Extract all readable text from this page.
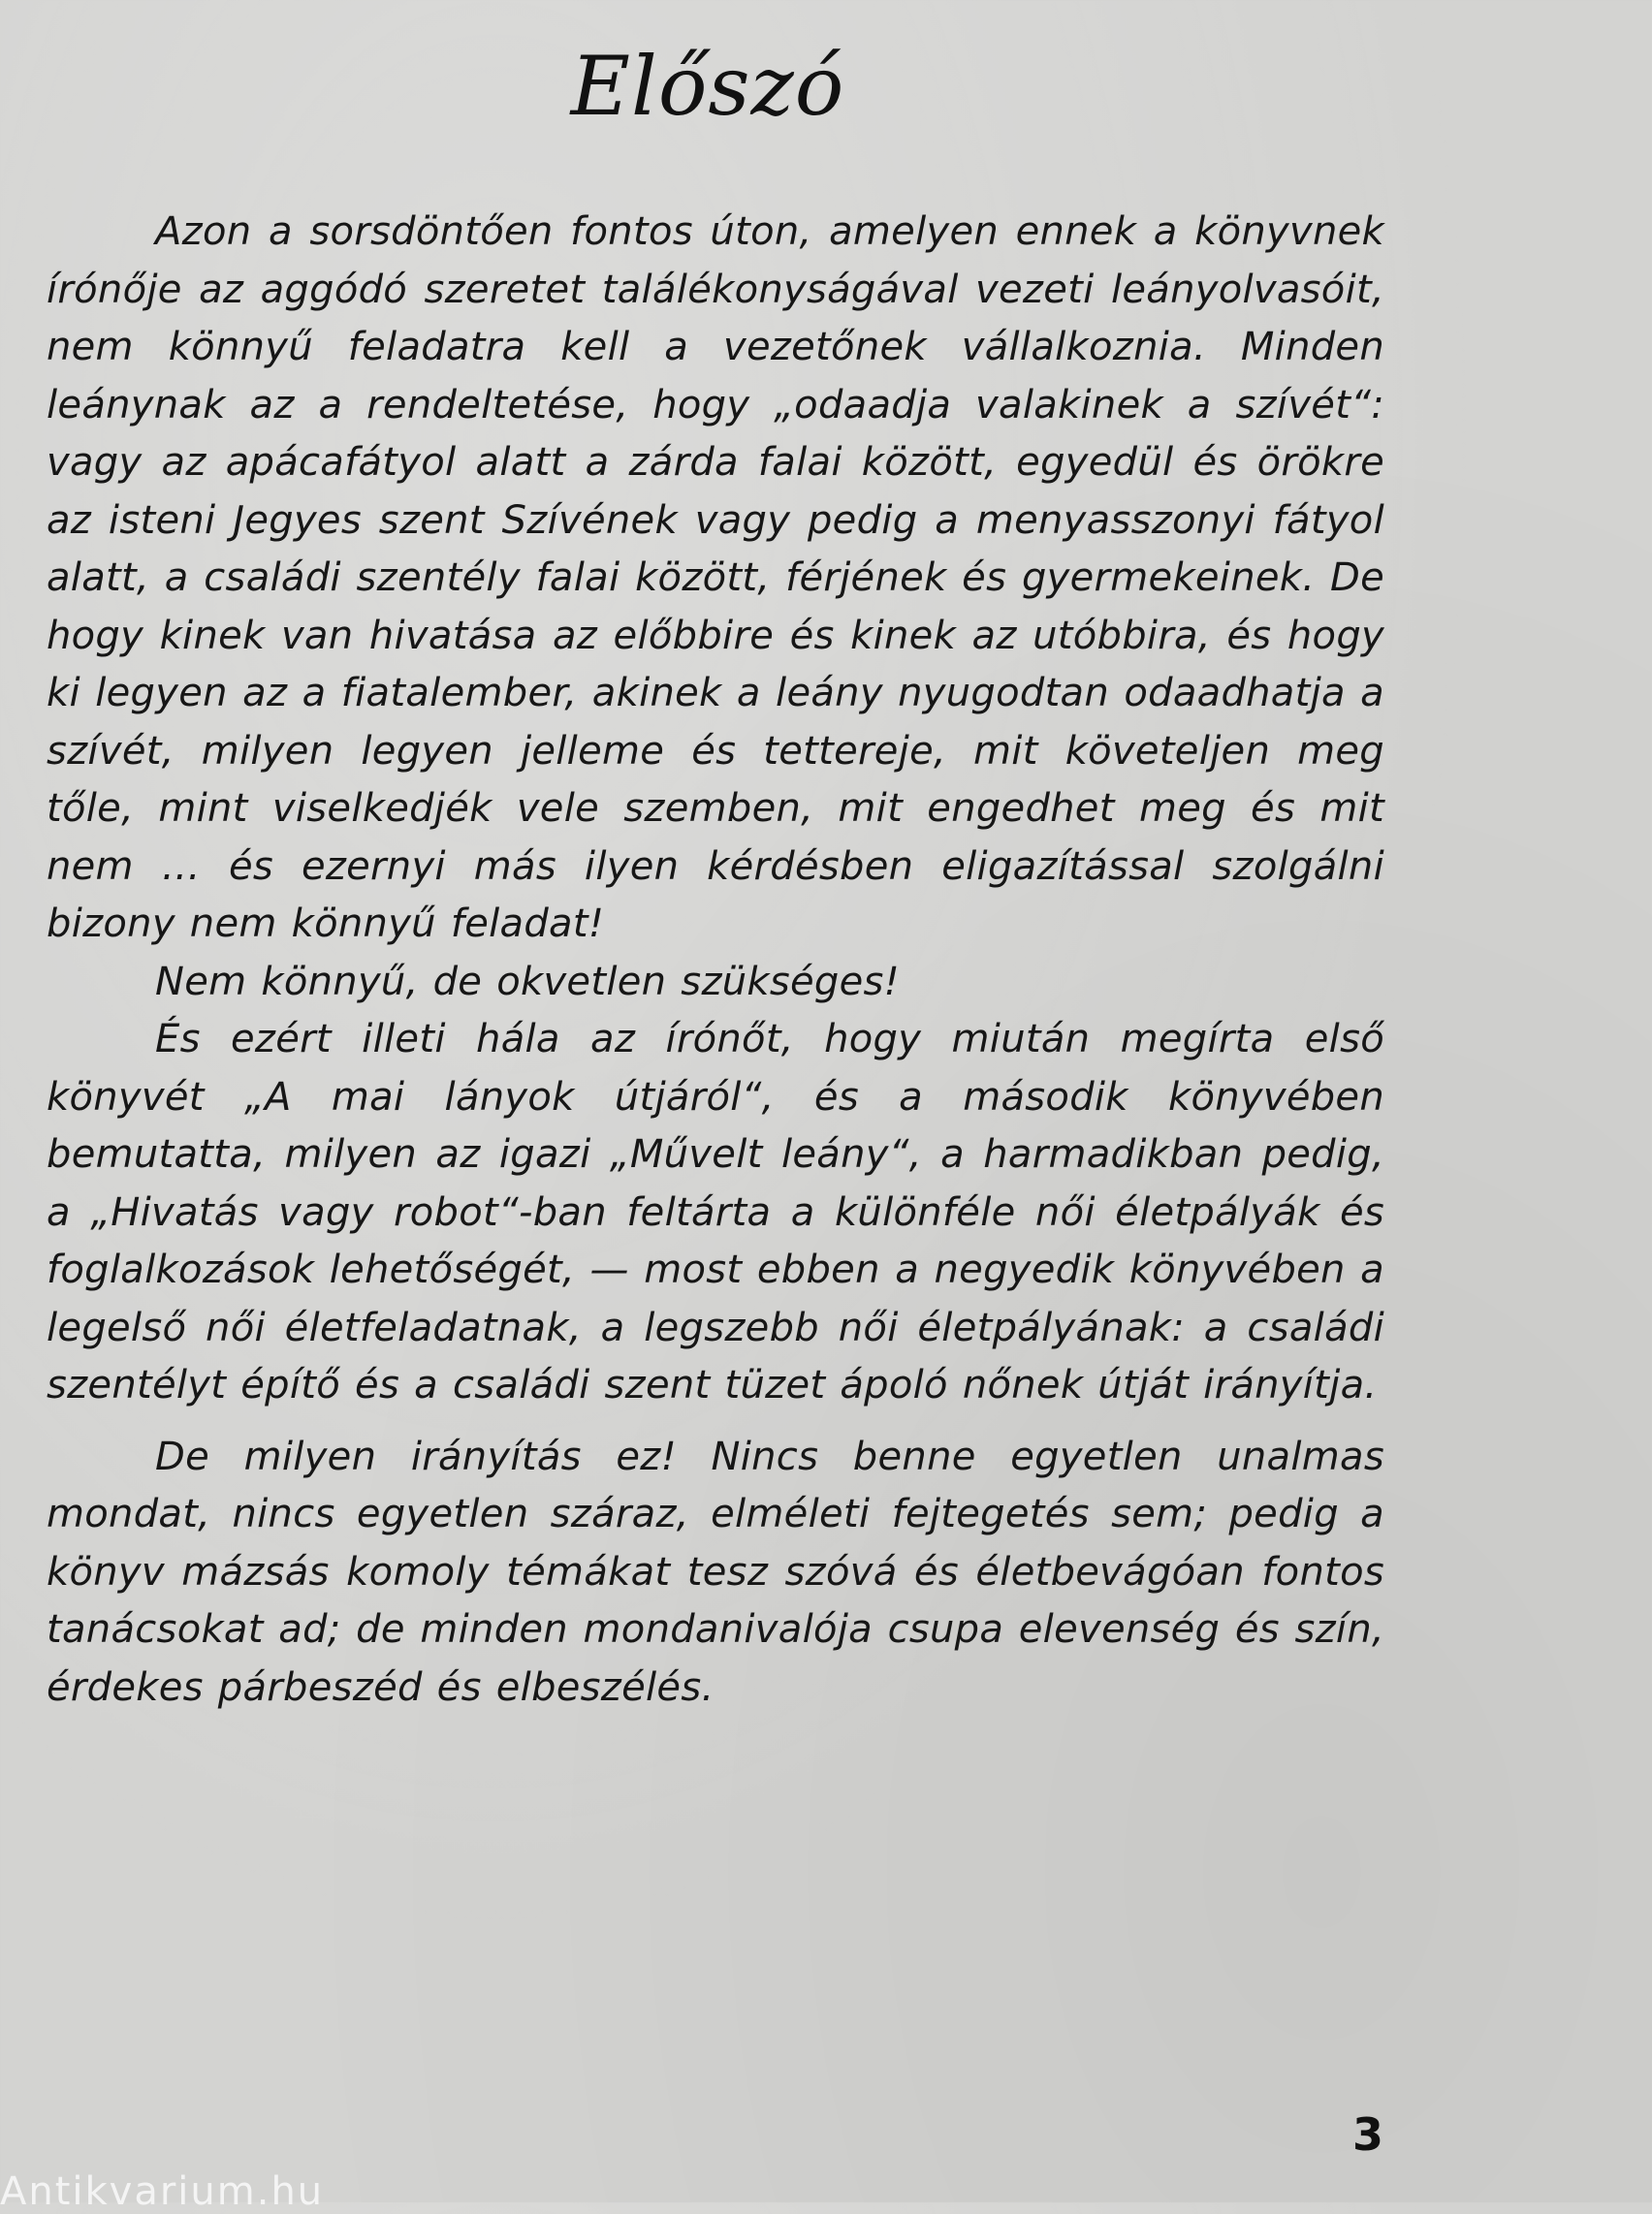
Előszó

Azon a sorsdöntően fontos úton, amelyen ennek a könyvnek írónője az aggódó szeretet találékonyságával vezeti leányolvasóit, nem könnyű feladatra kell a vezetőnek vállalkoznia. Minden leánynak az a rendeltetése, hogy „odaadja valakinek a szívét“: vagy az apácafátyol alatt a zárda falai között, egyedül és örökre az isteni Jegyes szent Szívének vagy pedig a menyasszonyi fátyol alatt, a családi szentély falai között, férjének és gyermekeinek. De hogy kinek van hivatása az előbbire és kinek az utóbbira, és hogy ki legyen az a fiatalember, akinek a leány nyugodtan odaadhatja a szívét, milyen legyen jelleme és tettereje, mit követeljen meg tőle, mint viselkedjék vele szemben, mit engedhet meg és mit nem … és ezernyi más ilyen kérdésben eligazítással szolgálni bizony nem könnyű feladat!

Nem könnyű, de okvetlen szükséges!

És ezért illeti hála az írónőt, hogy miután megírta első könyvét „A mai lányok útjáról“, és a második könyvében bemutatta, milyen az igazi „Művelt leány“, a harmadikban pedig, a „Hivatás vagy robot“-ban feltárta a különféle női életpályák és foglalkozások lehetőségét, — most ebben a negyedik könyvében a legelső női életfeladatnak, a legszebb női életpályának: a családi szentélyt építő és a családi szent tüzet ápoló nőnek útját irányítja.

De milyen irányítás ez! Nincs benne egyetlen unalmas mondat, nincs egyetlen száraz, elméleti fejtegetés sem; pedig a könyv mázsás komoly témákat tesz szóvá és életbevágóan fontos tanácsokat ad; de minden mondanivalója csupa elevenség és szín, érdekes párbeszéd és elbeszélés.

3
Antikvarium.hu
